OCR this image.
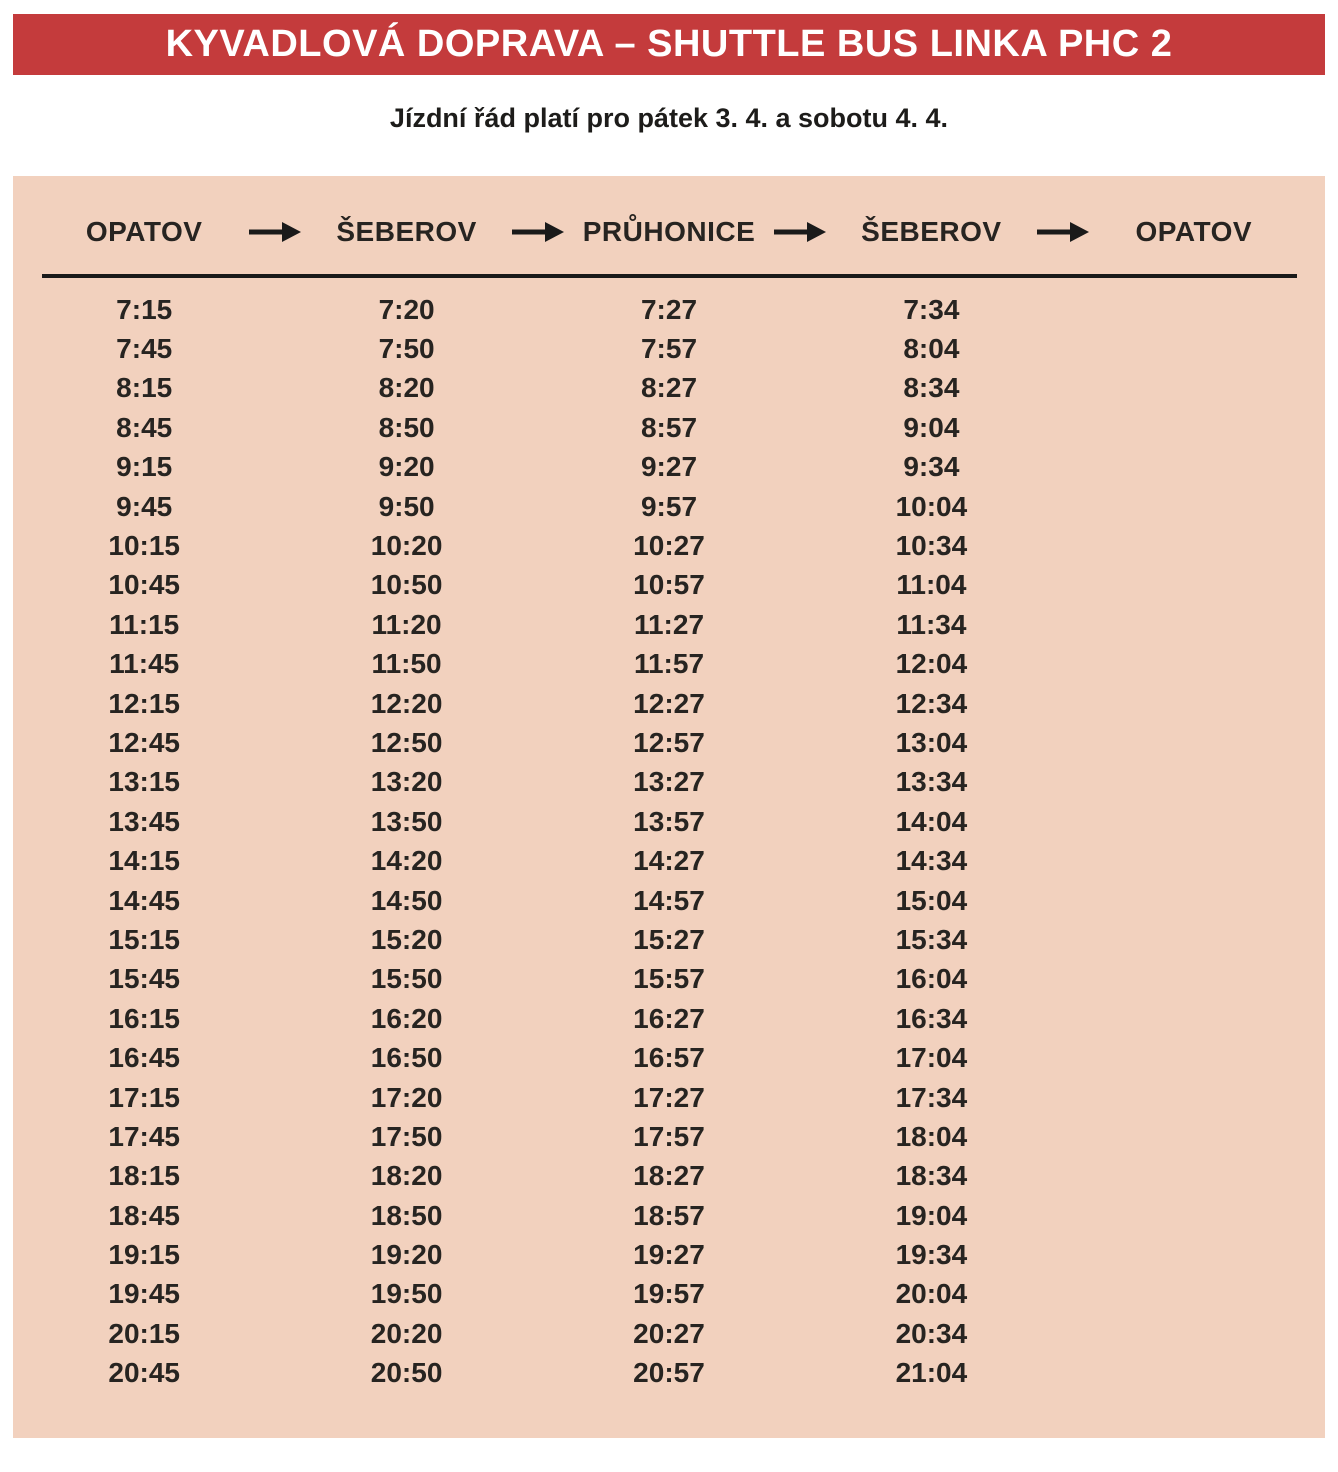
KYVADLOVÁ DOPRAVA – SHUTTLE BUS LINKA PHC 2
Jízdní řád platí pro pátek 3. 4. a sobotu 4. 4.
OPATOV	ŠEBEROV	PRŮHONICE	ŠEBEROV	OPATOV
7:15	7:20	7:27	7:34
7:45	7:50	7:57	8:04
8:15	8:20	8:27	8:34
8:45	8:50	8:57	9:04
9:15	9:20	9:27	9:34
9:45	9:50	9:57	10:04
10:15	10:20	10:27	10:34
10:45	10:50	10:57	11:04
11:15	11:20	11:27	11:34
11:45	11:50	11:57	12:04
12:15	12:20	12:27	12:34
12:45	12:50	12:57	13:04
13:15	13:20	13:27	13:34
13:45	13:50	13:57	14:04
14:15	14:20	14:27	14:34
14:45	14:50	14:57	15:04
15:15	15:20	15:27	15:34
15:45	15:50	15:57	16:04
16:15	16:20	16:27	16:34
16:45	16:50	16:57	17:04
17:15	17:20	17:27	17:34
17:45	17:50	17:57	18:04
18:15	18:20	18:27	18:34
18:45	18:50	18:57	19:04
19:15	19:20	19:27	19:34
19:45	19:50	19:57	20:04
20:15	20:20	20:27	20:34
20:45	20:50	20:57	21:04
